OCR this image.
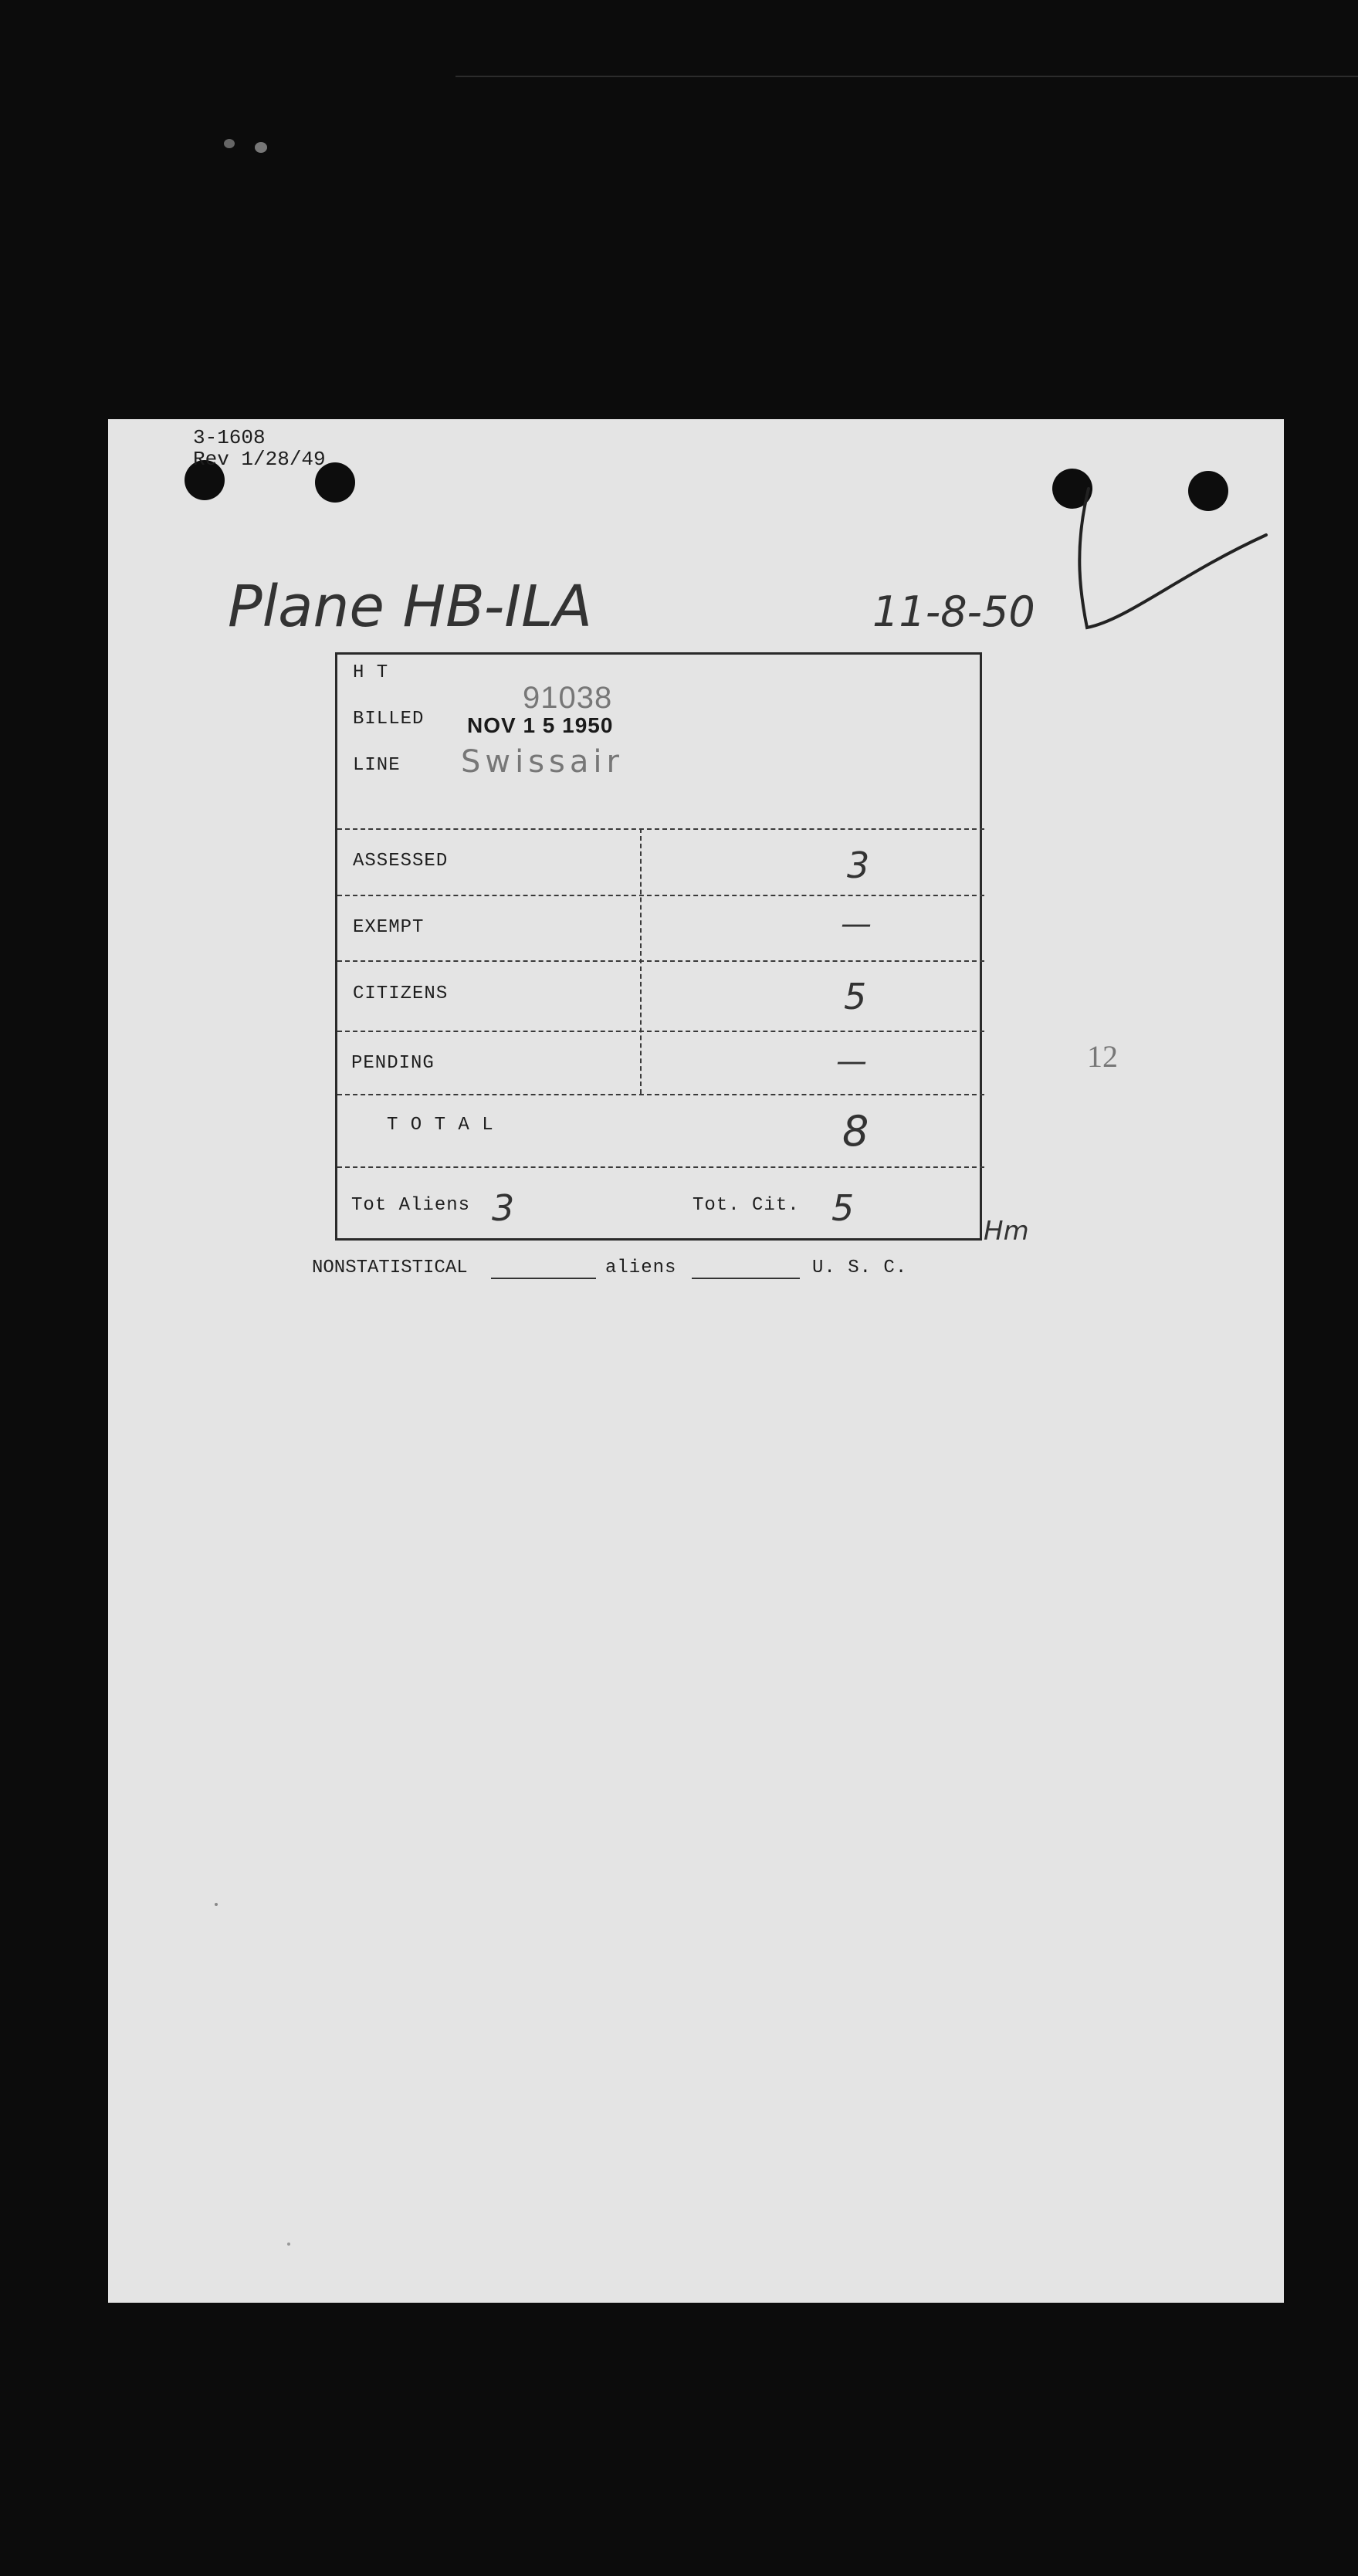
3-1608
Rev 1/28/49
Plane HB-ILA	11-8-50
H T
91038
BILLED NOV 1 5 1950
LINE Swissair
ASSESSED	3
EXEMPT	—
CITIZENS	5
PENDING	—
T O T A L	8
Tot Aliens 3	Tot. Cit. 5
Hm
12
NONSTATISTICAL	aliens	U. S. C.
